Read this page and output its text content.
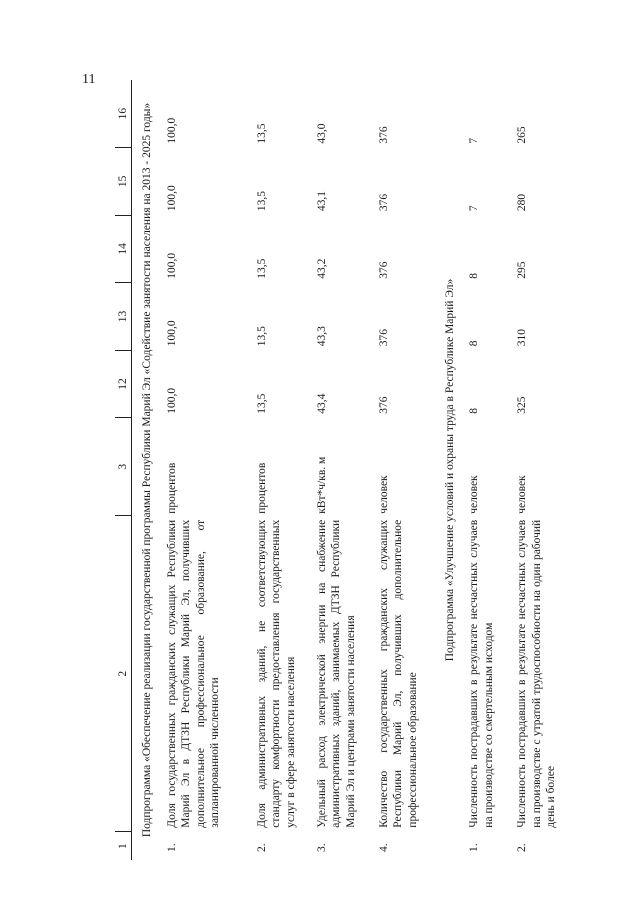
11
1	2	3	12	13	14	15	16
Подпрограмма «Обеспечение реализации государственной программы Республики Марий Эл «Содействие занятости населения на 2013 - 2025 годы»							
1.	Доля государственных гражданских служащих Республики Марий Эл в ДТЗН Республики Марий Эл, получивших дополнительное профессиональное образование, от запланированной численности	процентов	100,0	100,0	100,0	100,0	100,0
2.	Доля административных зданий, не соответствующих стандарту комфортности предоставления государственных услуг в сфере занятости населения	процентов	13,5	13,5	13,5	13,5	13,5
3.	Удельный расход электрической энергии на снабжение административных зданий, занимаемых ДТЗН Республики Марий Эл и центрами занятости населения	кВт*ч/кв. м	43,4	43,3	43,2	43,1	43,0
4.	Количество государственных гражданских служащих Республики Марий Эл, получивших дополнительное профессиональное образование	человек	376	376	376	376	376
Подпрограмма «Улучшение условий и охраны труда в Республике Марий Эл»							
1.	Численность пострадавших в результате несчастных случаев на производстве со смертельным исходом	человек	8	8	8	7	7
2.	Численность пострадавших в результате несчастных случаев на производстве с утратой трудоспособности на один рабочий день и более	человек	325	310	295	280	265
